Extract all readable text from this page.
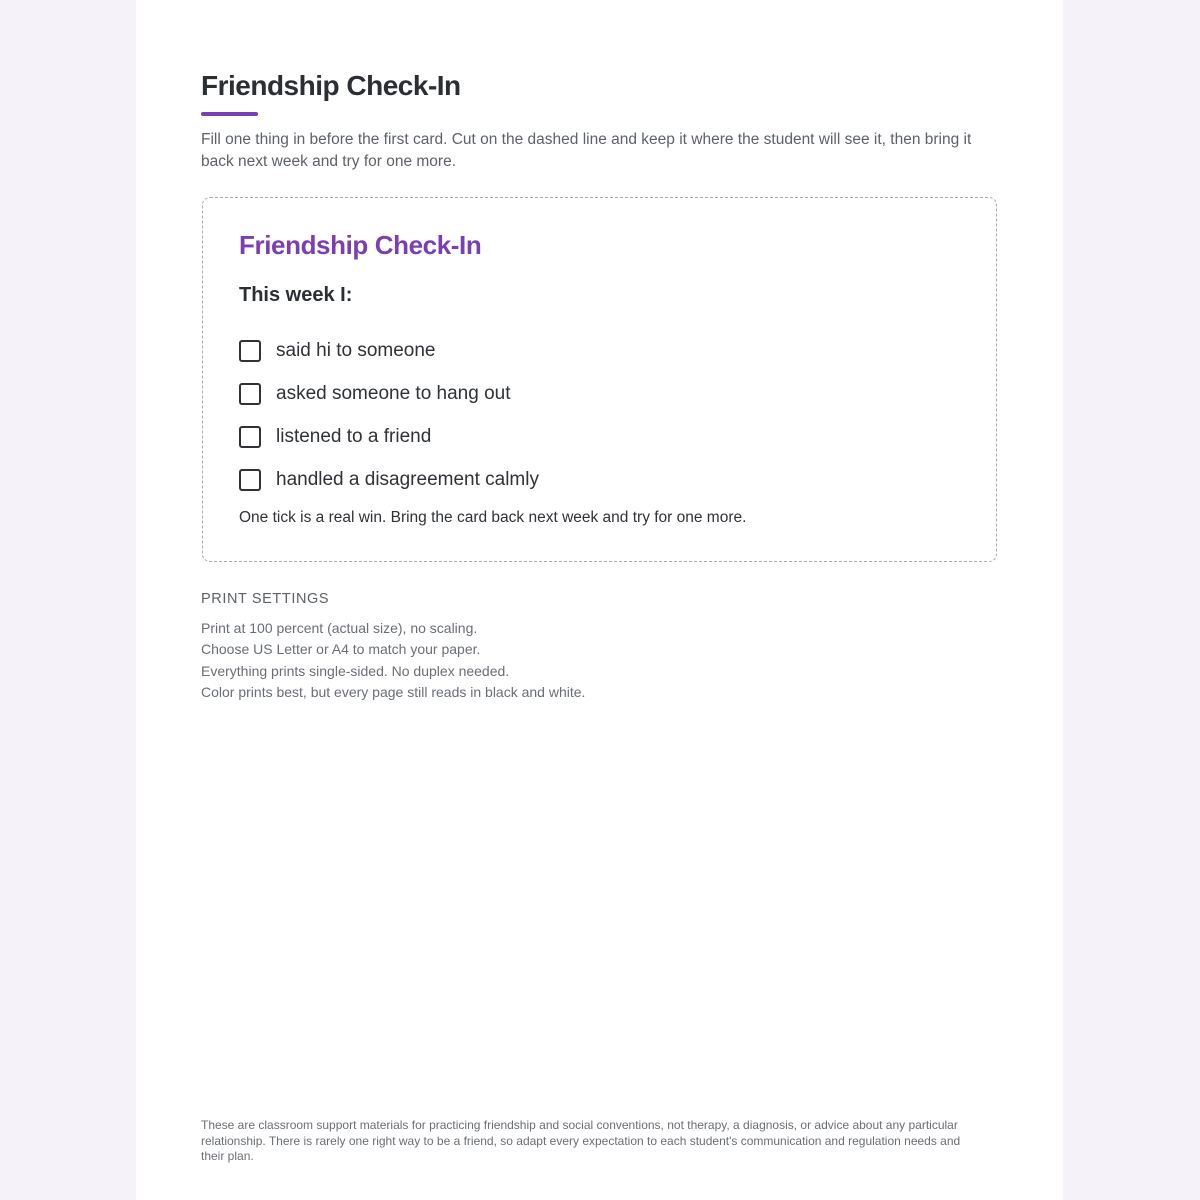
Friendship Check-In

Fill one thing in before the first card. Cut on the dashed line and keep it where the student will see it, then bring it back next week and try for one more.

Friendship Check-In
This week I:
said hi to someone
asked someone to hang out
listened to a friend
handled a disagreement calmly

One tick is a real win. Bring the card back next week and try for one more.

PRINT SETTINGS
Print at 100 percent (actual size), no scaling.
Choose US Letter or A4 to match your paper.
Everything prints single-sided. No duplex needed.
Color prints best, but every page still reads in black and white.

These are classroom support materials for practicing friendship and social conventions, not therapy, a diagnosis, or advice about any particular relationship. There is rarely one right way to be a friend, so adapt every expectation to each student's communication and regulation needs and their plan.
